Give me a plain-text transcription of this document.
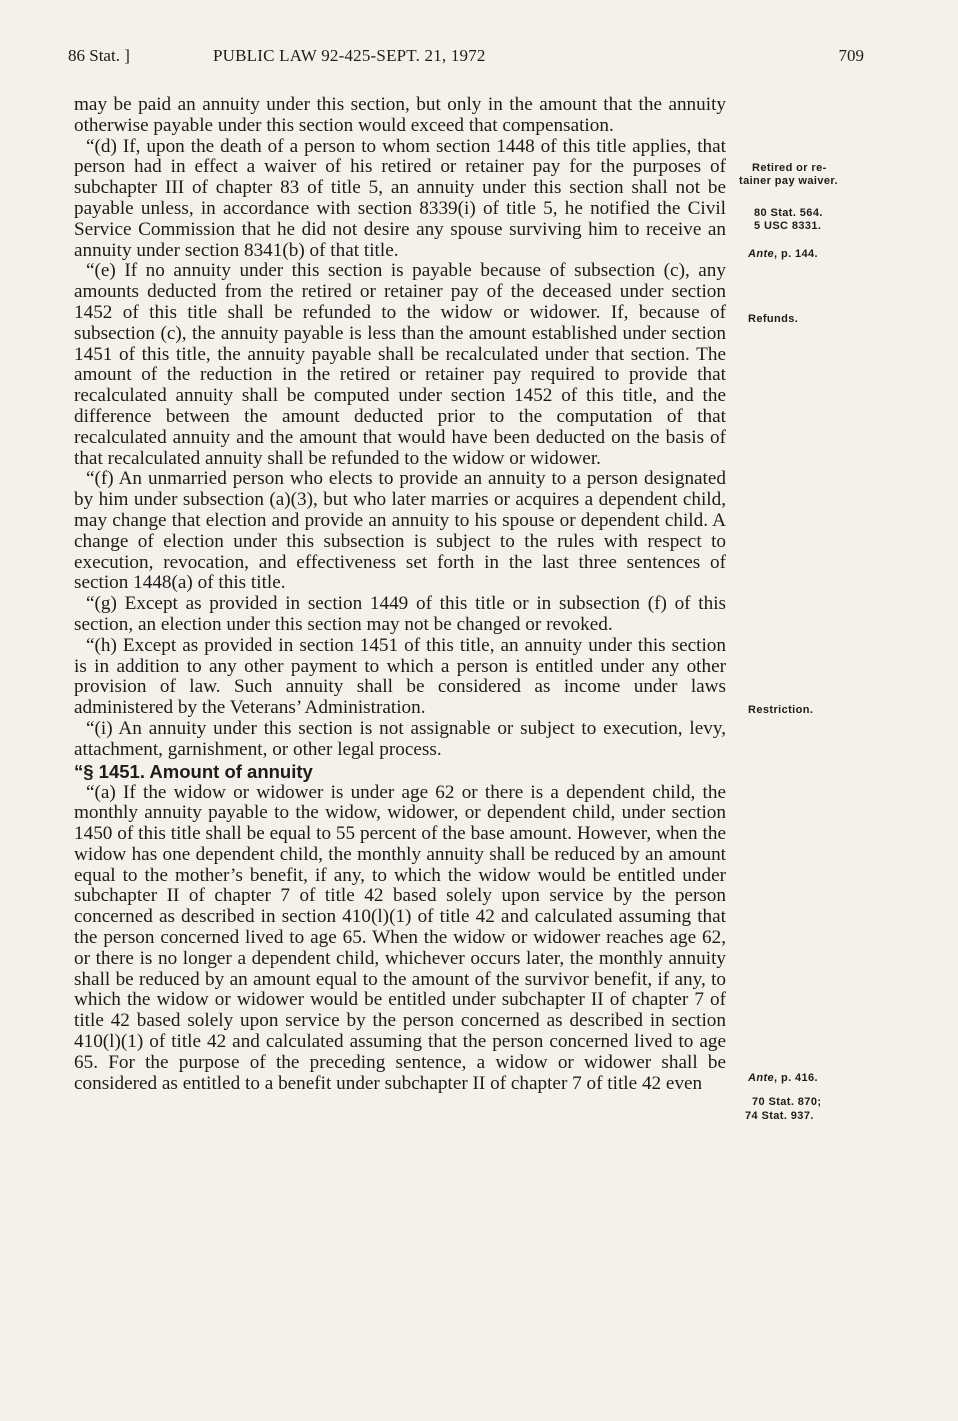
86 Stat. ]	PUBLIC LAW 92-425-SEPT. 21, 1972	709

may be paid an annuity under this section, but only in the amount that the annuity otherwise payable under this section would exceed that compensation.

“(d) If, upon the death of a person to whom section 1448 of this title applies, that person had in effect a waiver of his retired or retainer pay for the purposes of subchapter III of chapter 83 of title 5, an annuity under this section shall not be payable unless, in accordance with section 8339(i) of title 5, he notified the Civil Service Commission that he did not desire any spouse surviving him to receive an annuity under section 8341(b) of that title.

“(e) If no annuity under this section is payable because of subsection (c), any amounts deducted from the retired or retainer pay of the deceased under section 1452 of this title shall be refunded to the widow or widower. If, because of subsection (c), the annuity payable is less than the amount established under section 1451 of this title, the annuity payable shall be recalculated under that section. The amount of the reduction in the retired or retainer pay required to provide that recalculated annuity shall be computed under section 1452 of this title, and the difference between the amount deducted prior to the computation of that recalculated annuity and the amount that would have been deducted on the basis of that recalculated annuity shall be refunded to the widow or widower.

“(f) An unmarried person who elects to provide an annuity to a person designated by him under subsection (a)(3), but who later marries or acquires a dependent child, may change that election and provide an annuity to his spouse or dependent child. A change of election under this subsection is subject to the rules with respect to execution, revocation, and effectiveness set forth in the last three sentences of section 1448(a) of this title.

“(g) Except as provided in section 1449 of this title or in subsection (f) of this section, an election under this section may not be changed or revoked.

“(h) Except as provided in section 1451 of this title, an annuity under this section is in addition to any other payment to which a person is entitled under any other provision of law. Such annuity shall be considered as income under laws administered by the Veterans’ Administration.

“(i) An annuity under this section is not assignable or subject to execution, levy, attachment, garnishment, or other legal process.

“§ 1451. Amount of annuity

“(a) If the widow or widower is under age 62 or there is a dependent child, the monthly annuity payable to the widow, widower, or dependent child, under section 1450 of this title shall be equal to 55 percent of the base amount. However, when the widow has one dependent child, the monthly annuity shall be reduced by an amount equal to the mother’s benefit, if any, to which the widow would be entitled under subchapter II of chapter 7 of title 42 based solely upon service by the person concerned as described in section 410(l)(1) of title 42 and calculated assuming that the person concerned lived to age 65. When the widow or widower reaches age 62, or there is no longer a dependent child, whichever occurs later, the monthly annuity shall be reduced by an amount equal to the amount of the survivor benefit, if any, to which the widow or widower would be entitled under subchapter II of chapter 7 of title 42 based solely upon service by the person concerned as described in section 410(l)(1) of title 42 and calculated assuming that the person concerned lived to age 65. For the purpose of the preceding sentence, a widow or widower shall be considered as entitled to a benefit under subchapter II of chapter 7 of title 42 even

Retired or re-
tainer pay waiver.
80 Stat. 564.
5 USC 8331.
Ante, p. 144.
Refunds.
Restriction.
Ante, p. 416.
70 Stat. 870;
74 Stat. 937.
